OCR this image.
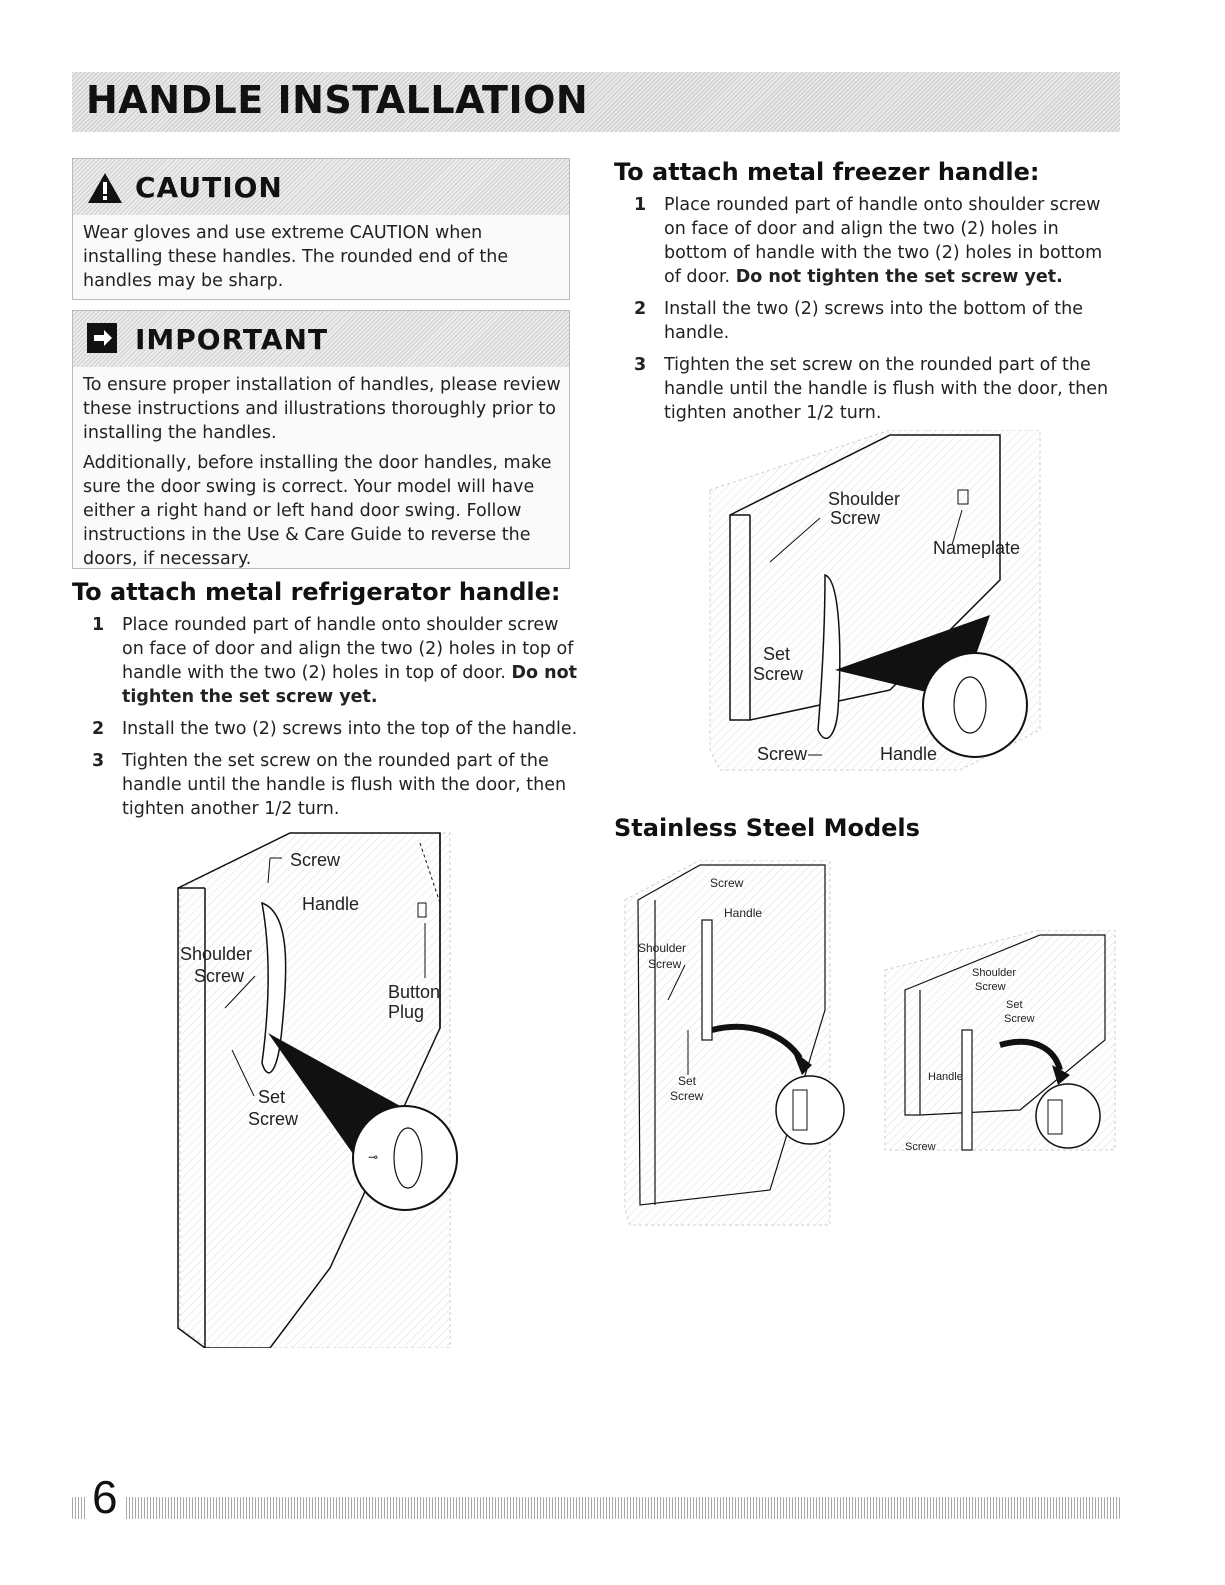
HANDLE INSTALLATION
CAUTION

Wear gloves and use extreme CAUTION when installing these handles. The rounded end of the handles may be sharp.

IMPORTANT

To ensure proper installation of handles, please review these instructions and illustrations thoroughly prior to installing the handles.

Additionally, before installing the door handles, make sure the door swing is correct. Your model will have either a right hand or left hand door swing. Follow instructions in the Use & Care Guide to reverse the doors, if necessary.

To attach metal refrigerator handle:
1 Place rounded part of handle onto shoulder screw on face of door and align the two (2) holes in top of handle with the two (2) holes in top of door. Do not tighten the set screw yet.
2 Install the two (2) screws into the top of the handle.
3 Tighten the set screw on the rounded part of the handle until the handle is flush with the door, then tighten another 1/2 turn.
⊸
Screw
Handle
Shoulder
Screw
Button
Plug
Set
Screw
To attach metal freezer handle:
1 Place rounded part of handle onto shoulder screw on face of door and align the two (2) holes in bottom of handle with the two (2) holes in bottom of door. Do not tighten the set screw yet.
2 Install the two (2) screws into the bottom of the handle.
3 Tighten the set screw on the rounded part of the handle until the handle is flush with the door, then tighten another 1/2 turn.
Shoulder
Screw
Nameplate
Set
Screw
Screw	Handle
Stainless Steel Models
Screw
Handle
Shoulder
Screw
Set
Screw
Shoulder
Screw
Set
Screw
Handle
Screw
6
